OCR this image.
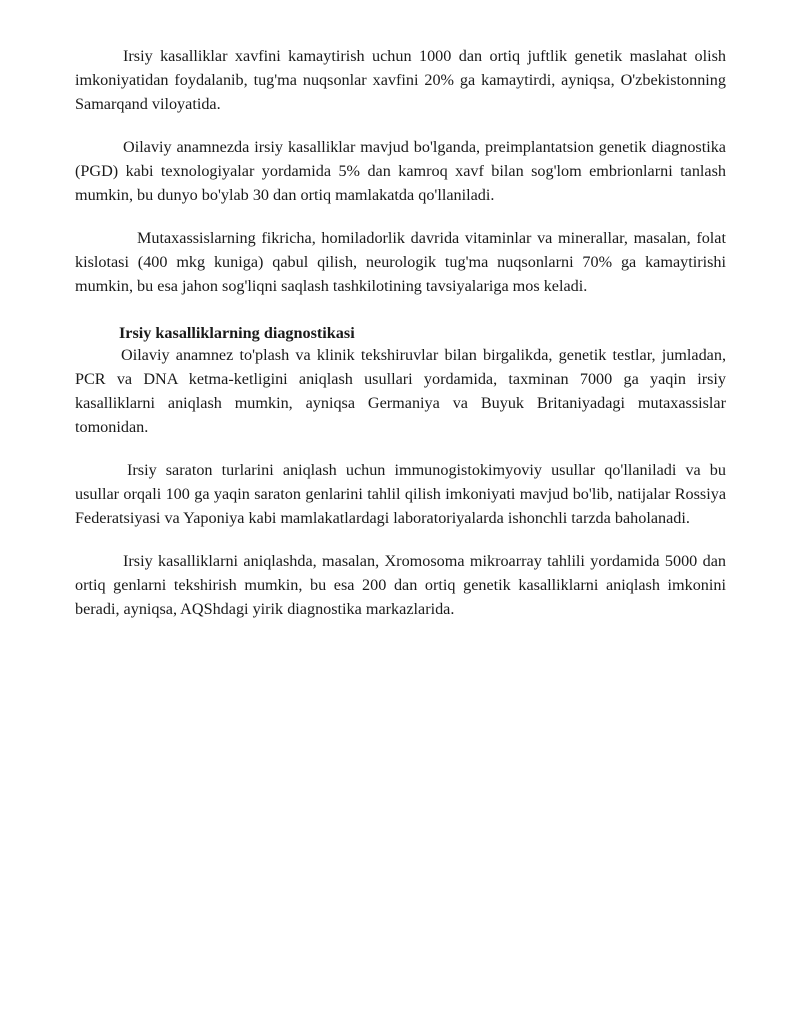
Irsiy kasalliklar xavfini kamaytirish uchun 1000 dan ortiq juftlik genetik maslahat olish imkoniyatidan foydalanib, tug'ma nuqsonlar xavfini 20% ga kamaytirdi, ayniqsa, O'zbekistonning Samarqand viloyatida.

Oilaviy anamnezda irsiy kasalliklar mavjud bo'lganda, preimplantatsion genetik diagnostika (PGD) kabi texnologiyalar yordamida 5% dan kamroq xavf bilan sog'lom embrionlarni tanlash mumkin, bu dunyo bo'ylab 30 dan ortiq mamlakatda qo'llaniladi.

Mutaxassislarning fikricha, homiladorlik davrida vitaminlar va minerallar, masalan, folat kislotasi (400 mkg kuniga) qabul qilish, neurologik tug'ma nuqsonlarni 70% ga kamaytirishi mumkin, bu esa jahon sog'liqni saqlash tashkilotining tavsiyalariga mos keladi.

Irsiy kasalliklarning diagnostikasi

Oilaviy anamnez to'plash va klinik tekshiruvlar bilan birgalikda, genetik testlar, jumladan, PCR va DNA ketma-ketligini aniqlash usullari yordamida, taxminan 7000 ga yaqin irsiy kasalliklarni aniqlash mumkin, ayniqsa Germaniya va Buyuk Britaniyadagi mutaxassislar tomonidan.

Irsiy saraton turlarini aniqlash uchun immunogistokimyoviy usullar qo'llaniladi va bu usullar orqali 100 ga yaqin saraton genlarini tahlil qilish imkoniyati mavjud bo'lib, natijalar Rossiya Federatsiyasi va Yaponiya kabi mamlakatlardagi laboratoriyalarda ishonchli tarzda baholanadi.

Irsiy kasalliklarni aniqlashda, masalan, Xromosoma mikroarray tahlili yordamida 5000 dan ortiq genlarni tekshirish mumkin, bu esa 200 dan ortiq genetik kasalliklarni aniqlash imkonini beradi, ayniqsa, AQShdagi yirik diagnostika markazlarida.
